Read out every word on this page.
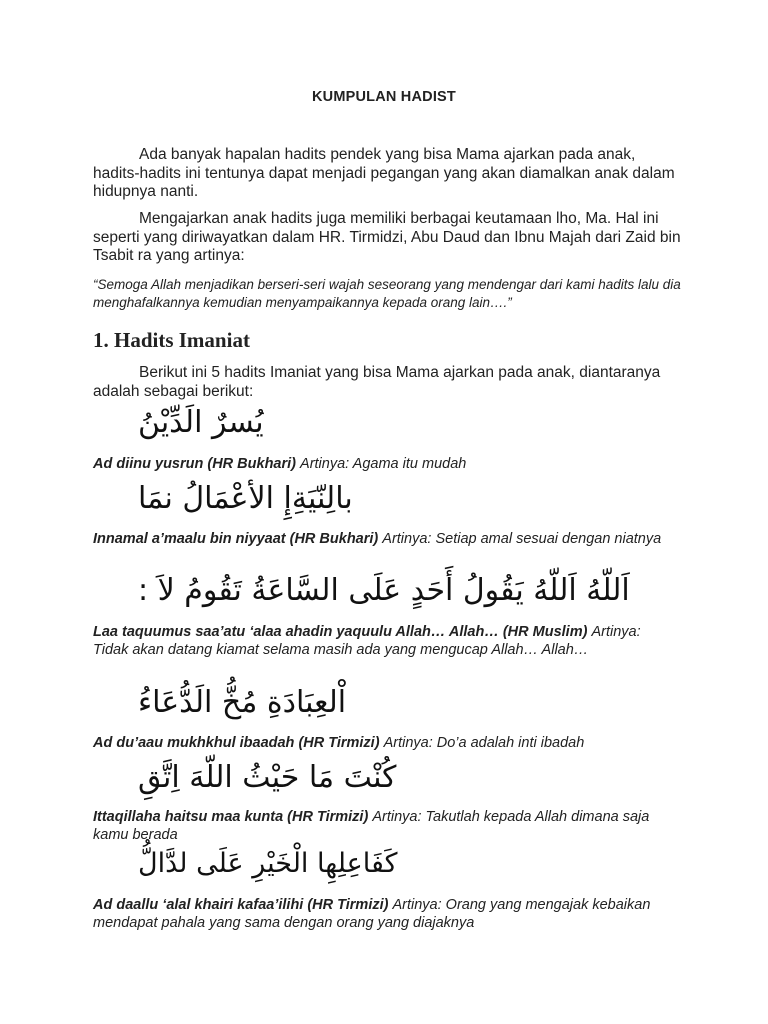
KUMPULAN HADIST

Ada banyak hapalan hadits pendek yang bisa Mama ajarkan pada anak, hadits-hadits ini tentunya dapat menjadi pegangan yang akan diamalkan anak dalam hidupnya nanti.

Mengajarkan anak hadits juga memiliki berbagai keutamaan lho, Ma. Hal ini seperti yang diriwayatkan dalam HR. Tirmidzi, Abu Daud dan Ibnu Majah dari Zaid bin Tsabit ra yang artinya:

“Semoga Allah menjadikan berseri-seri wajah seseorang yang mendengar dari kami hadits lalu dia menghafalkannya kemudian menyampaikannya kepada orang lain….”

1. Hadits Imaniat

Berikut ini 5 hadits Imaniat yang bisa Mama ajarkan pada anak, diantaranya adalah sebagai berikut:

يُسرٌ الَدِّيْنُ

Ad diinu yusrun (HR Bukhari) Artinya: Agama itu mudah

بالِنّيَةِإِ الأعْمَالُ نمَا

Innamal a’maalu bin niyyaat (HR Bukhari) Artinya: Setiap amal sesuai dengan niatnya

اَللّهُ اَللّهُ يَقُولُ أَحَدٍ عَلَى السَّاعَةُ تَقُومُ لاَ :

Laa taquumus saa’atu ‘alaa ahadin yaquulu Allah… Allah… (HR Muslim) Artinya: Tidak akan datang kiamat selama masih ada yang mengucap Allah… Allah…

اْلعِبَادَةِ مُخُّ الَدُّعَاءُ

Ad du’aau mukhkhul ibaadah (HR Tirmizi) Artinya: Do’a adalah inti ibadah

كُنْتَ مَا حَيْثُ اللّهَ اِتَّقِ

Ittaqillaha haitsu maa kunta (HR Tirmizi) Artinya: Takutlah kepada Allah dimana saja kamu berada

كَفَاعِلِهِا الْخَيْرِ عَلَى لدَّالُّ

Ad daallu ‘alal khairi kafaa’ilihi (HR Tirmizi) Artinya: Orang yang mengajak kebaikan mendapat pahala yang sama dengan orang yang diajaknya
